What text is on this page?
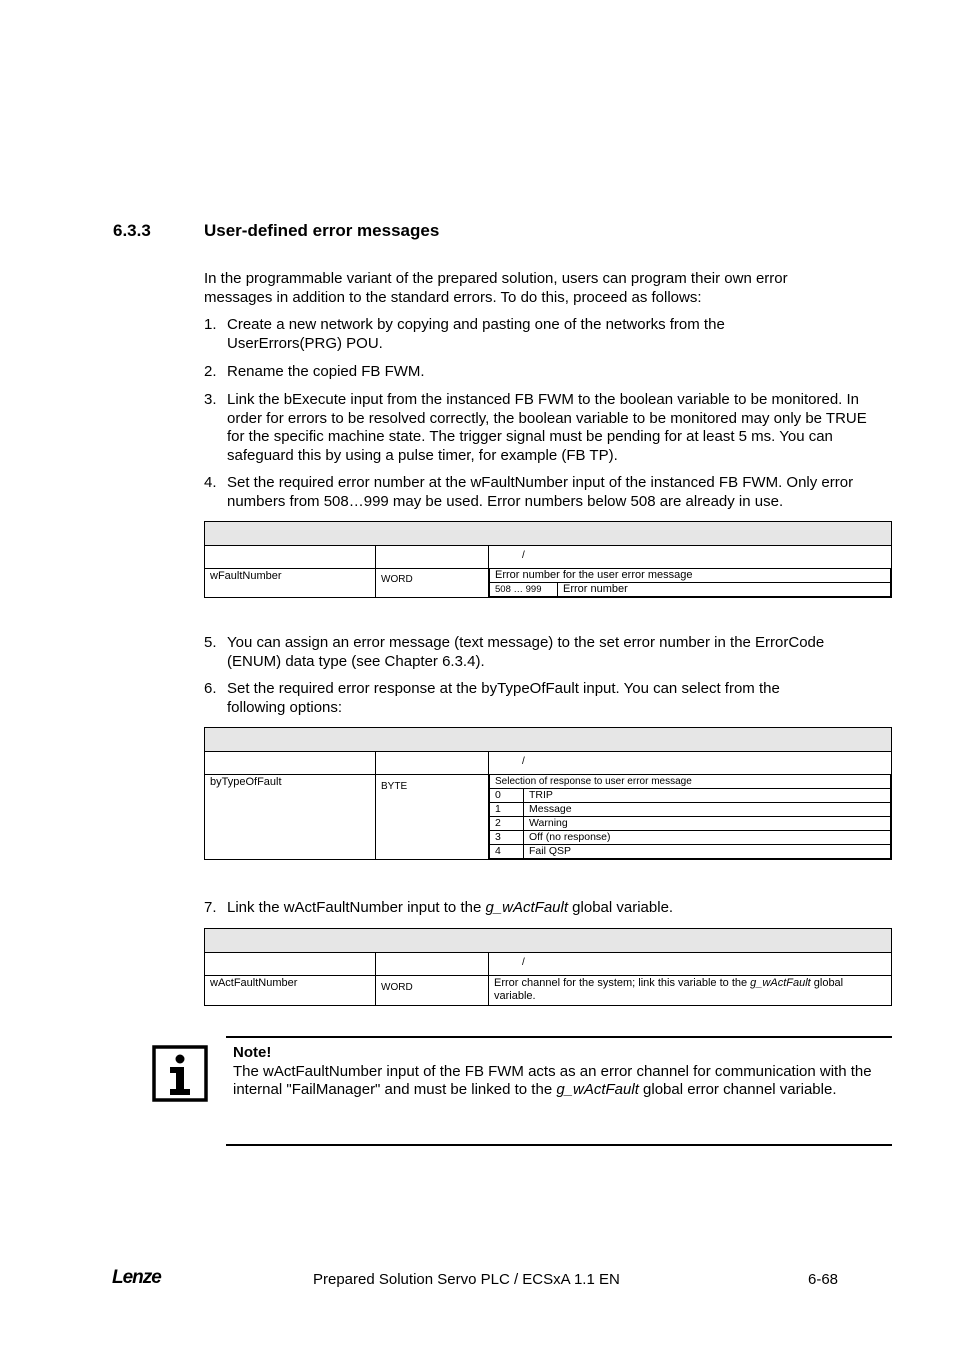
6.3.3	User-defined error messages
In the programmable variant of the prepared solution, users can program their own error messages in addition to the standard errors. To do this, proceed as follows:
1. Create a new network by copying and pasting one of the networks from the UserErrors(PRG) POU.
2. Rename the copied FB FWM.
3. Link the bExecute input from the instanced FB FWM to the boolean variable to be monitored. In order for errors to be resolved correctly, the boolean variable to be monitored may only be TRUE for the specific machine state. The trigger signal must be pending for at least 5 ms. You can safeguard this by using a pulse timer, for example (FB TP).
4. Set the required error number at the wFaultNumber input of the instanced FB FWM. Only error numbers from 508…999 may be used. Error numbers below 508 are already in use.

		/
wFaultNumber	WORD		Error number for the user error message
508 … 999	Error number
5. You can assign an error message (text message) to the set error number in the ErrorCode (ENUM) data type (see Chapter 6.3.4).
6. Set the required error response at the byTypeOfFault input. You can select from the following options:

		/
byTypeOfFault	BYTE		Selection of response to user error message
0	TRIP
1	Message
2	Warning
3	Off (no response)
4	Fail QSP
7. Link the wActFaultNumber input to the g_wActFault global variable.

		/
wActFaultNumber	WORD	Error channel for the system; link this variable to the g_wActFault global variable.
Note!
The wActFaultNumber input of the FB FWM acts as an error channel for communication with the internal "FailManager" and must be linked to the g_wActFault global error channel variable.
Lenze	Prepared Solution Servo PLC / ECSxA 1.1 EN	6-68
